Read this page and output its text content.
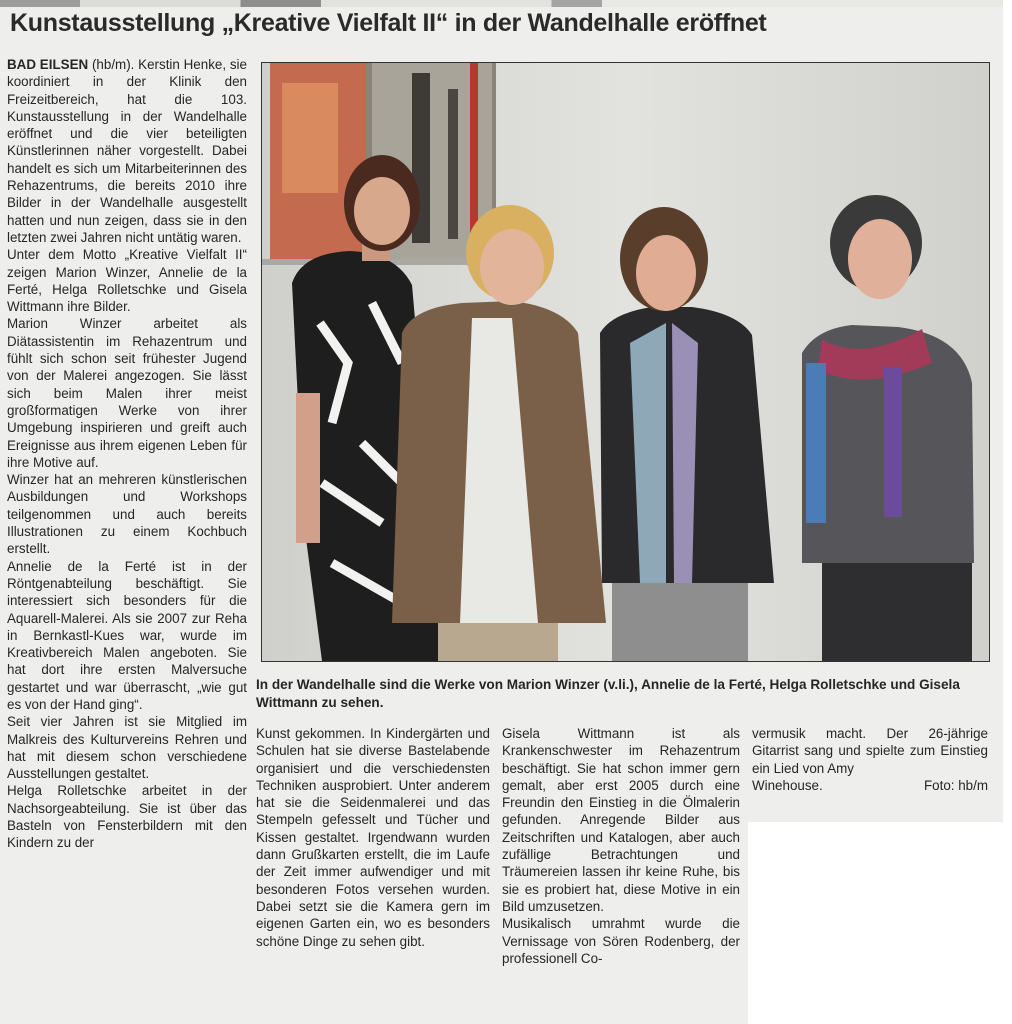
Kunstausstellung „Kreative Vielfalt II“ in der Wandelhalle eröffnet

BAD EILSEN (hb/m). Kerstin Henke, sie koordiniert in der Klinik den Freizeitbereich, hat die 103. Kunstausstellung in der Wandelhalle eröffnet und die vier beteiligten Künstlerinnen näher vorgestellt. Dabei handelt es sich um Mitarbeiterinnen des Rehazentrums, die bereits 2010 ihre Bilder in der Wandelhalle ausgestellt hatten und nun zeigen, dass sie in den letzten zwei Jahren nicht untätig waren.

Unter dem Motto „Kreative Vielfalt II“ zeigen Marion Winzer, Annelie de la Ferté, Helga Rolletschke und Gisela Wittmann ihre Bilder.

Marion Winzer arbeitet als Diätassistentin im Rehazentrum und fühlt sich schon seit frühester Jugend von der Malerei angezogen. Sie lässt sich beim Malen ihrer meist großformatigen Werke von ihrer Umgebung inspirieren und greift auch Ereignisse aus ihrem eigenen Leben für ihre Motive auf.

Winzer hat an mehreren künstlerischen Ausbildungen und Workshops teilgenommen und auch bereits Illustrationen zu einem Kochbuch erstellt.

Annelie de la Ferté ist in der Röntgenabteilung beschäftigt. Sie interessiert sich besonders für die Aquarell-Malerei. Als sie 2007 zur Reha in Bernkastl-Kues war, wurde im Kreativbereich Malen angeboten. Sie hat dort ihre ersten Malversuche gestartet und war überrascht, „wie gut es von der Hand ging“.

Seit vier Jahren ist sie Mitglied im Malkreis des Kulturvereins Rehren und hat mit diesem schon verschiedene Ausstellungen gestaltet.

Helga Rolletschke arbeitet in der Nachsorgeabteilung. Sie ist über das Basteln von Fensterbildern mit den Kindern zu der

In der Wandelhalle sind die Werke von Marion Winzer (v.li.), Annelie de la Ferté, Helga Rolletschke und Gisela Wittmann zu sehen.

Kunst gekommen. In Kindergärten und Schulen hat sie diverse Bastelabende organisiert und die verschiedensten Techniken ausprobiert. Unter anderem hat sie die Seidenmalerei und das Stempeln gefesselt und Tücher und Kissen gestaltet. Irgendwann wurden dann Grußkarten erstellt, die im Laufe der Zeit immer aufwendiger und mit besonderen Fotos versehen wurden. Dabei setzt sie die Kamera gern im eigenen Garten ein, wo es besonders schöne Dinge zu sehen gibt.

Gisela Wittmann ist als Krankenschwester im Rehazentrum beschäftigt. Sie hat schon immer gern gemalt, aber erst 2005 durch eine Freundin den Einstieg in die Ölmalerin gefunden. Anregende Bilder aus Zeitschriften und Katalogen, aber auch zufällige Betrachtungen und Träumereien lassen ihr keine Ruhe, bis sie es probiert hat, diese Motive in ein Bild umzusetzen.

Musikalisch umrahmt wurde die Vernissage von Sören Rodenberg, der professionell Co-

vermusik macht. Der 26-jährige Gitarrist sang und spielte zum Einstieg ein Lied von Amy

Winehouse.	Foto: hb/m
